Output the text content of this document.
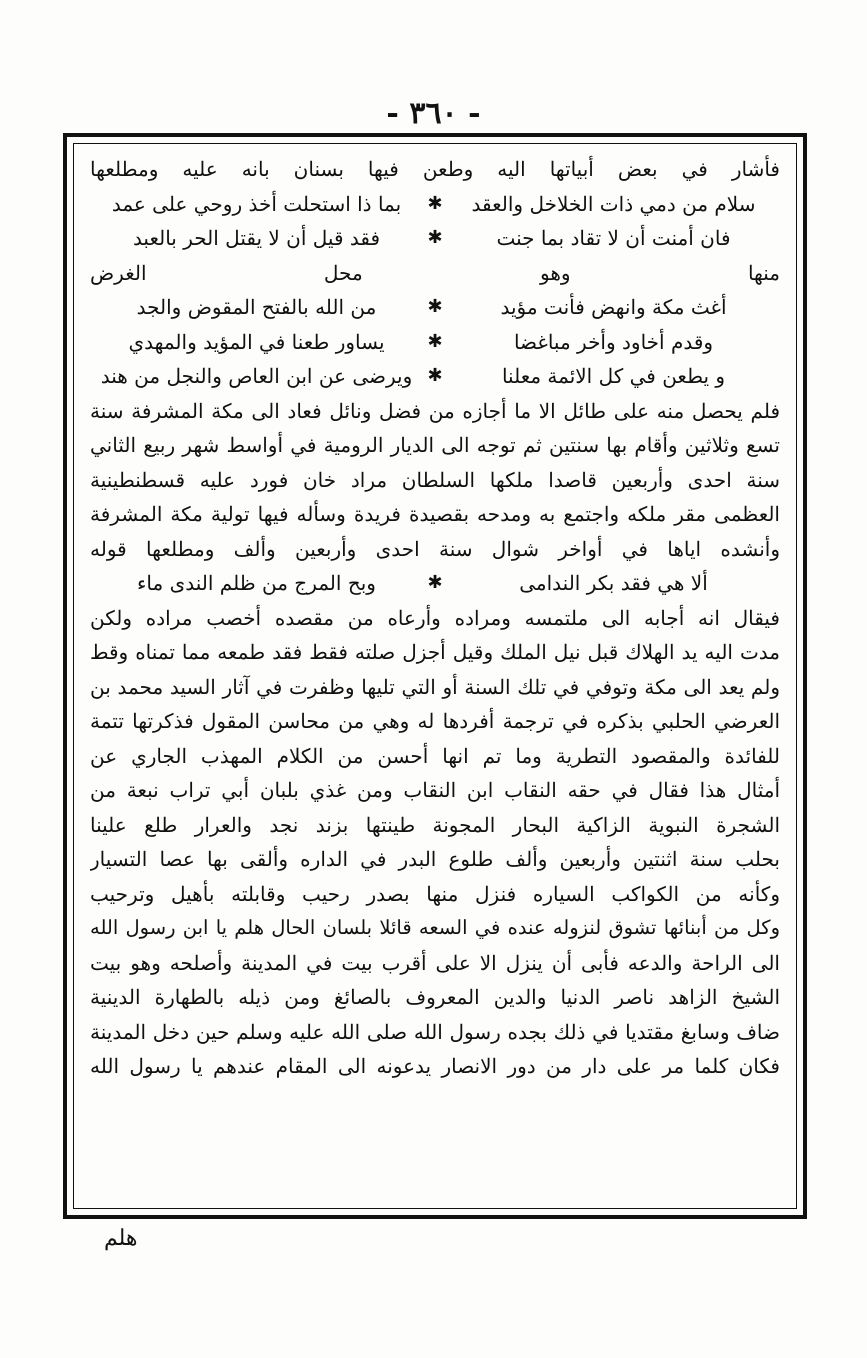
- ٣٦٠ -
فأشار في بعض أبياتها اليه وطعن فيها بسنان بانه عليه ومطلعها
سلام من دمي ذات الخلاخل والعقد
✱
بما ذا استحلت أخذ روحي على عمد
فان أمنت أن لا تقاد بما جنت
✱
فقد قيل أن لا يقتل الحر بالعبد
منها وهو محل الغرض
أغث مكة وانهض فأنت مؤيد
✱
من الله بالفتح المقوض والجد
وقدم أخاود وأخر مباغضا
✱
يساور طعنا في المؤيد والمهدي
و يطعن في كل الائمة معلنا
✱
ويرضى عن ابن العاص والنجل من هند
فلم يحصل منه على طائل الا ما أجازه من فضل ونائل فعاد الى مكة المشرفة سنة
تسع وثلاثين وأقام بها سنتين ثم توجه الى الديار الرومية في أواسط شهر ربيع الثاني
سنة احدى وأربعين قاصدا ملكها السلطان مراد خان فورد عليه قسطنطينية
العظمى مقر ملكه واجتمع به ومدحه بقصيدة فريدة وسأله فيها تولية مكة المشرفة
وأنشده اياها في أواخر شوال سنة احدى وأربعين وألف ومطلعها قوله
ألا هي فقد بكر الندامى
✱
وبح المرج من ظلم الندى ماء
فيقال انه أجابه الى ملتمسه ومراده وأرعاه من مقصده أخصب مراده ولكن
مدت اليه يد الهلاك قبل نيل الملك وقيل أجزل صلته فقط فقد طمعه مما تمناه وقط
ولم يعد الى مكة وتوفي في تلك السنة أو التي تليها وظفرت في آثار السيد محمد بن
العرضي الحلبي بذكره في ترجمة أفردها له وهي من محاسن المقول فذكرتها تتمة
للفائدة والمقصود التطرية وما تم انها أحسن من الكلام المهذب الجاري عن
أمثال هذا فقال في حقه النقاب ابن النقاب ومن غذي بلبان أبي تراب نبعة من
الشجرة النبوية الزاكية البحار المجونة طينتها بزند نجد والعرار طلع علينا
بحلب سنة اثنتين وأربعين وألف طلوع البدر في الداره وألقى بها عصا التسيار
وكأنه من الكواكب السياره فنزل منها بصدر رحيب وقابلته بأهيل وترحيب
وكل من أبنائها تشوق لنزوله عنده في السعه قائلا بلسان الحال هلم يا ابن رسول الله
الى الراحة والدعه فأبى أن ينزل الا على أقرب بيت في المدينة وأصلحه وهو بيت
الشيخ الزاهد ناصر الدنيا والدين المعروف بالصائغ ومن ذيله بالطهارة الدينية
ضاف وسابغ مقتديا في ذلك بجده رسول الله صلى الله عليه وسلم حين دخل المدينة
فكان كلما مر على دار من دور الانصار يدعونه الى المقام عندهم يا رسول الله
هلم
